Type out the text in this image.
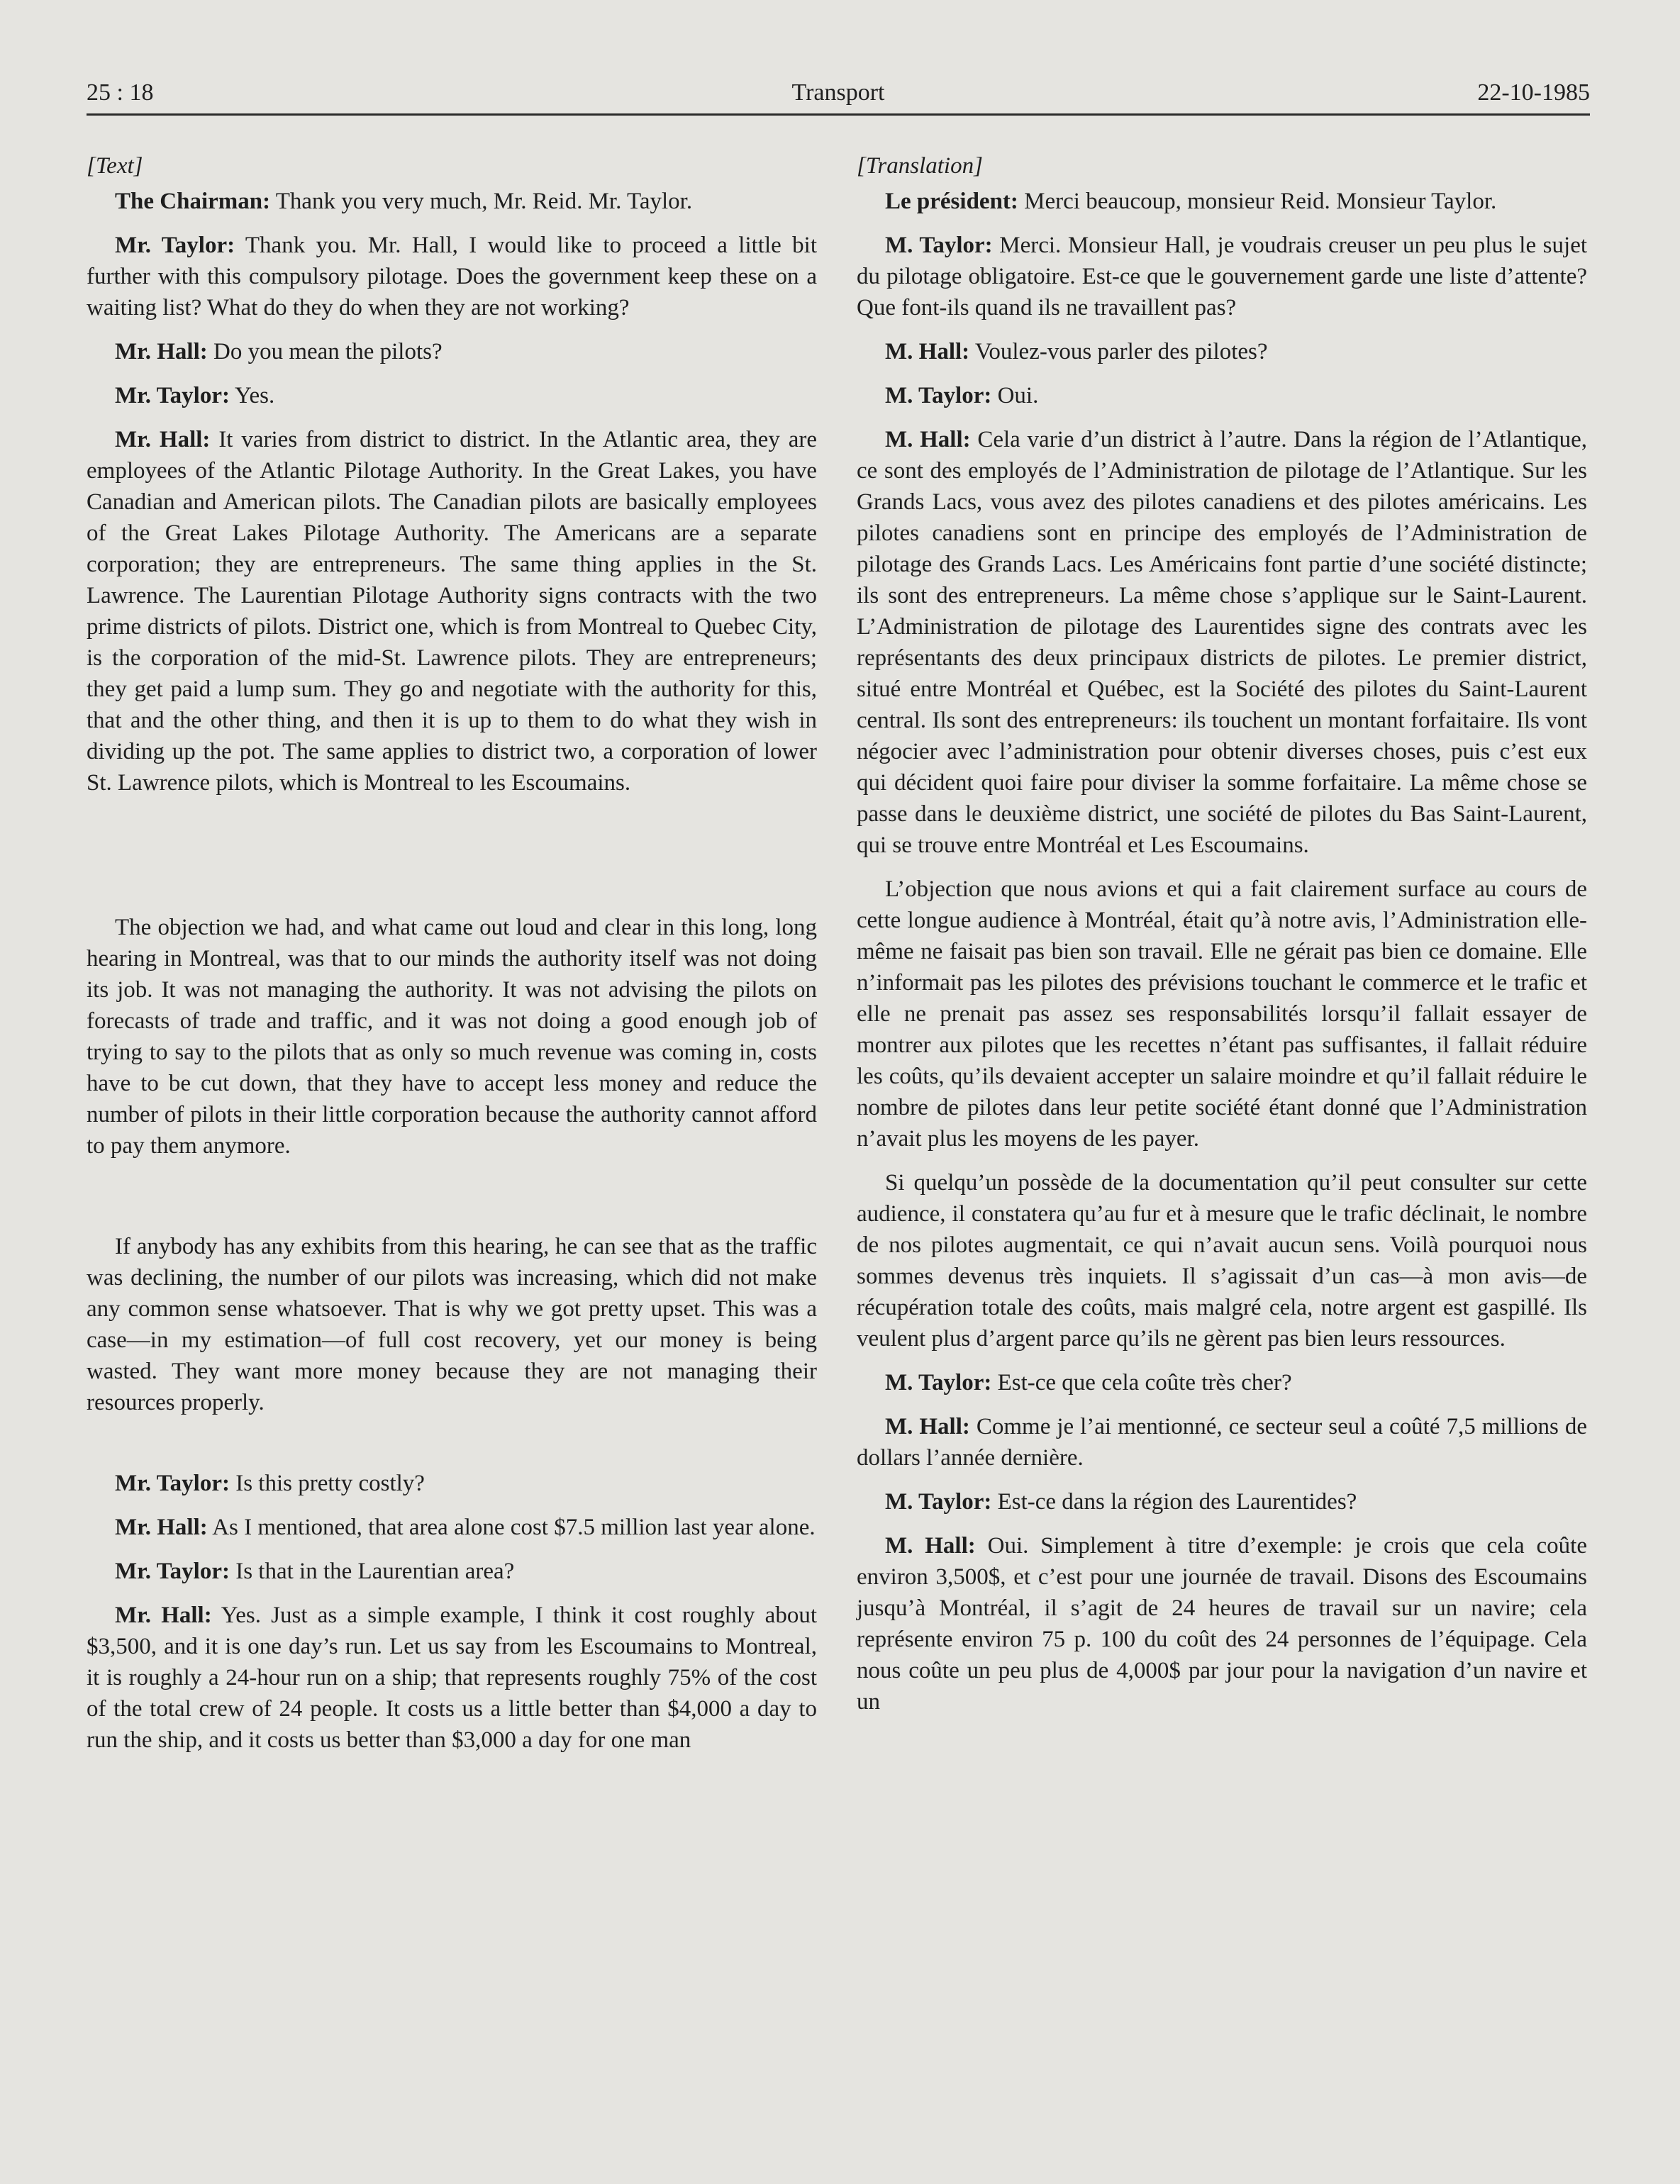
25 : 18	Transport	22-10-1985
[Text]

The Chairman: Thank you very much, Mr. Reid. Mr. Taylor.

Mr. Taylor: Thank you. Mr. Hall, I would like to proceed a little bit further with this compulsory pilotage. Does the government keep these on a waiting list? What do they do when they are not working?

Mr. Hall: Do you mean the pilots?

Mr. Taylor: Yes.

Mr. Hall: It varies from district to district. In the Atlantic area, they are employees of the Atlantic Pilotage Authority. In the Great Lakes, you have Canadian and American pilots. The Canadian pilots are basically employees of the Great Lakes Pilotage Authority. The Americans are a separate corporation; they are entrepreneurs. The same thing applies in the St. Lawrence. The Laurentian Pilotage Authority signs contracts with the two prime districts of pilots. District one, which is from Montreal to Quebec City, is the corporation of the mid-St. Lawrence pilots. They are entrepreneurs; they get paid a lump sum. They go and negotiate with the authority for this, that and the other thing, and then it is up to them to do what they wish in dividing up the pot. The same applies to district two, a corporation of lower St. Lawrence pilots, which is Montreal to les Escoumains.

The objection we had, and what came out loud and clear in this long, long hearing in Montreal, was that to our minds the authority itself was not doing its job. It was not managing the authority. It was not advising the pilots on forecasts of trade and traffic, and it was not doing a good enough job of trying to say to the pilots that as only so much revenue was coming in, costs have to be cut down, that they have to accept less money and reduce the number of pilots in their little corporation because the authority cannot afford to pay them anymore.

If anybody has any exhibits from this hearing, he can see that as the traffic was declining, the number of our pilots was increasing, which did not make any common sense whatsoever. That is why we got pretty upset. This was a case—in my estimation—of full cost recovery, yet our money is being wasted. They want more money because they are not managing their resources properly.

Mr. Taylor: Is this pretty costly?

Mr. Hall: As I mentioned, that area alone cost $7.5 million last year alone.

Mr. Taylor: Is that in the Laurentian area?

Mr. Hall: Yes. Just as a simple example, I think it cost roughly about $3,500, and it is one day’s run. Let us say from les Escoumains to Montreal, it is roughly a 24-hour run on a ship; that represents roughly 75% of the cost of the total crew of 24 people. It costs us a little better than $4,000 a day to run the ship, and it costs us better than $3,000 a day for one man

[Translation]

Le président: Merci beaucoup, monsieur Reid. Monsieur Taylor.

M. Taylor: Merci. Monsieur Hall, je voudrais creuser un peu plus le sujet du pilotage obligatoire. Est-ce que le gouvernement garde une liste d’attente? Que font-ils quand ils ne travaillent pas?

M. Hall: Voulez-vous parler des pilotes?

M. Taylor: Oui.

M. Hall: Cela varie d’un district à l’autre. Dans la région de l’Atlantique, ce sont des employés de l’Administration de pilotage de l’Atlantique. Sur les Grands Lacs, vous avez des pilotes canadiens et des pilotes américains. Les pilotes canadiens sont en principe des employés de l’Administration de pilotage des Grands Lacs. Les Américains font partie d’une société distincte; ils sont des entrepreneurs. La même chose s’applique sur le Saint-Laurent. L’Administration de pilotage des Laurentides signe des contrats avec les représentants des deux principaux districts de pilotes. Le premier district, situé entre Montréal et Québec, est la Société des pilotes du Saint-Laurent central. Ils sont des entrepreneurs: ils touchent un montant forfaitaire. Ils vont négocier avec l’administration pour obtenir diverses choses, puis c’est eux qui décident quoi faire pour diviser la somme forfaitaire. La même chose se passe dans le deuxième district, une société de pilotes du Bas Saint-Laurent, qui se trouve entre Montréal et Les Escoumains.

L’objection que nous avions et qui a fait clairement surface au cours de cette longue audience à Montréal, était qu’à notre avis, l’Administration elle-même ne faisait pas bien son travail. Elle ne gérait pas bien ce domaine. Elle n’informait pas les pilotes des prévisions touchant le commerce et le trafic et elle ne prenait pas assez ses responsabilités lorsqu’il fallait essayer de montrer aux pilotes que les recettes n’étant pas suffisantes, il fallait réduire les coûts, qu’ils devaient accepter un salaire moindre et qu’il fallait réduire le nombre de pilotes dans leur petite société étant donné que l’Administration n’avait plus les moyens de les payer.

Si quelqu’un possède de la documentation qu’il peut consulter sur cette audience, il constatera qu’au fur et à mesure que le trafic déclinait, le nombre de nos pilotes augmentait, ce qui n’avait aucun sens. Voilà pourquoi nous sommes devenus très inquiets. Il s’agissait d’un cas—à mon avis—de récupération totale des coûts, mais malgré cela, notre argent est gaspillé. Ils veulent plus d’argent parce qu’ils ne gèrent pas bien leurs ressources.

M. Taylor: Est-ce que cela coûte très cher?

M. Hall: Comme je l’ai mentionné, ce secteur seul a coûté 7,5 millions de dollars l’année dernière.

M. Taylor: Est-ce dans la région des Laurentides?

M. Hall: Oui. Simplement à titre d’exemple: je crois que cela coûte environ 3,500$, et c’est pour une journée de travail. Disons des Escoumains jusqu’à Montréal, il s’agit de 24 heures de travail sur un navire; cela représente environ 75 p. 100 du coût des 24 personnes de l’équipage. Cela nous coûte un peu plus de 4,000$ par jour pour la navigation d’un navire et un
